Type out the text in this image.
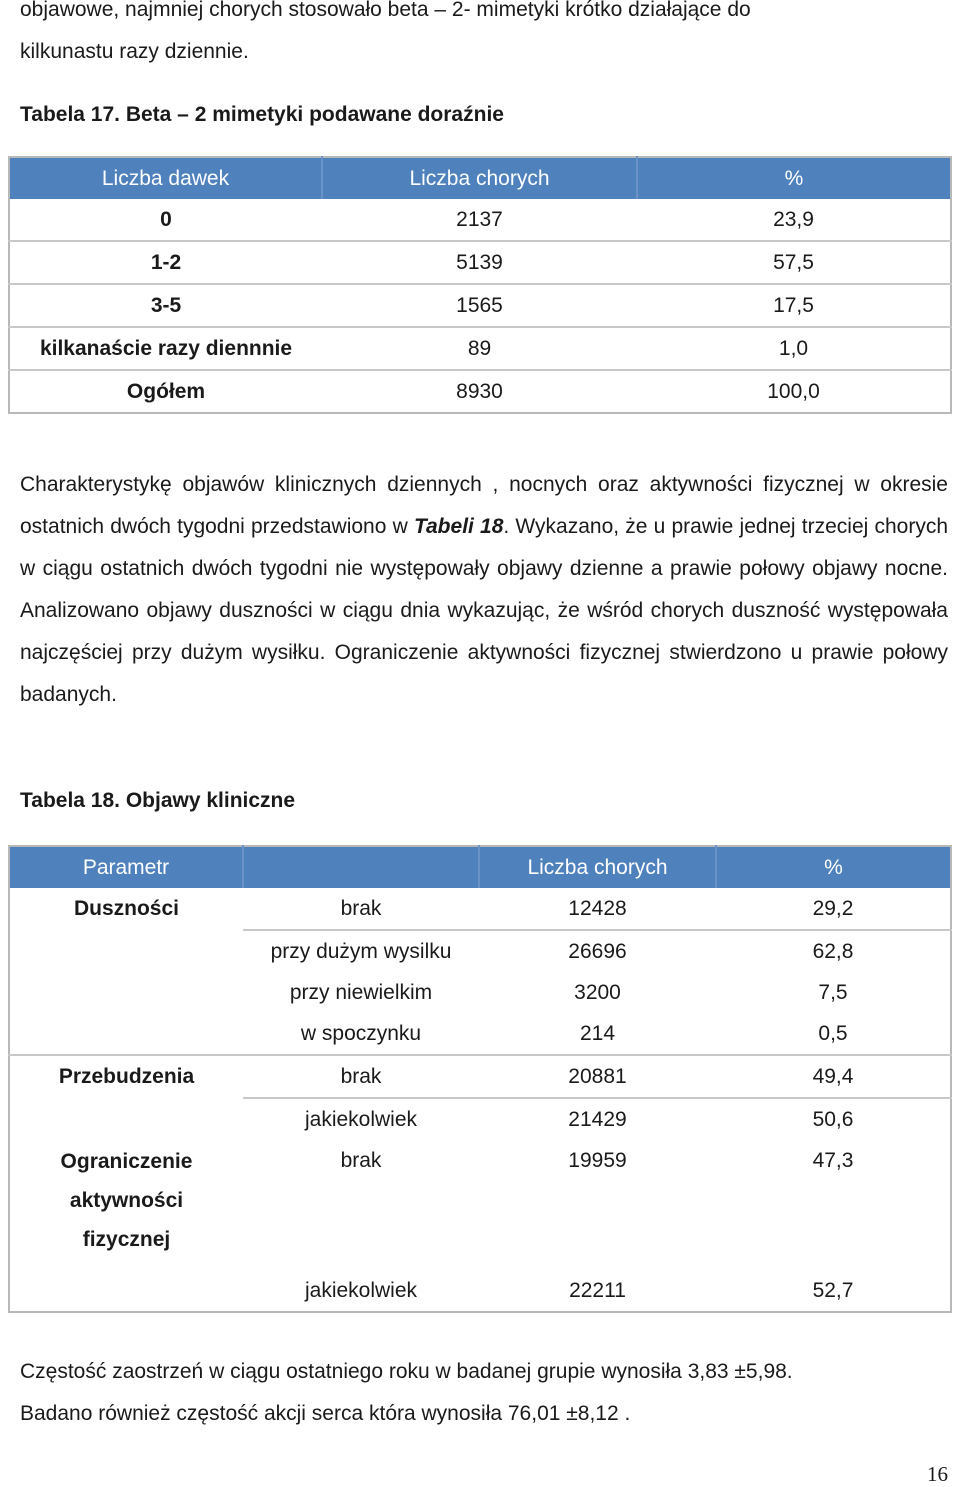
objawowe, najmniej chorych stosowało beta – 2- mimetyki krótko działające do
kilkunastu razy dziennie.
Tabela 17. Beta – 2 mimetyki podawane doraźnie
Liczba dawek	Liczba chorych	%
0	2137	23,9
1-2	5139	57,5
3-5	1565	17,5
kilkanaście razy diennnie	89	1,0
Ogółem	8930	100,0
Charakterystykę objawów klinicznych dziennych , nocnych oraz aktywności fizycznej w okresie ostatnich dwóch tygodni przedstawiono w Tabeli 18. Wykazano, że u prawie jednej trzeciej chorych w ciągu ostatnich dwóch tygodni nie występowały objawy dzienne a prawie połowy objawy nocne. Analizowano objawy duszności w ciągu dnia wykazując, że wśród chorych duszność występowała najczęściej przy dużym wysiłku. Ograniczenie aktywności fizycznej stwierdzono u prawie połowy badanych.
Tabela 18. Objawy kliniczne
Parametr		Liczba chorych	%
Duszności	brak	12428	29,2
	przy dużym wysilku	26696	62,8
	przy niewielkim	3200	7,5
	w spoczynku	214	0,5
Przebudzenia	brak	20881	49,4
	jakiekolwiek	21429	50,6

Ograniczenie
aktywności
fizycznej	brak	19959	47,3
	jakiekolwiek	22211	52,7
Częstość zaostrzeń w ciągu ostatniego roku w badanej grupie wynosiła 3,83 ±5,98.
Badano również częstość akcji serca która wynosiła 76,01 ±8,12 .
16
